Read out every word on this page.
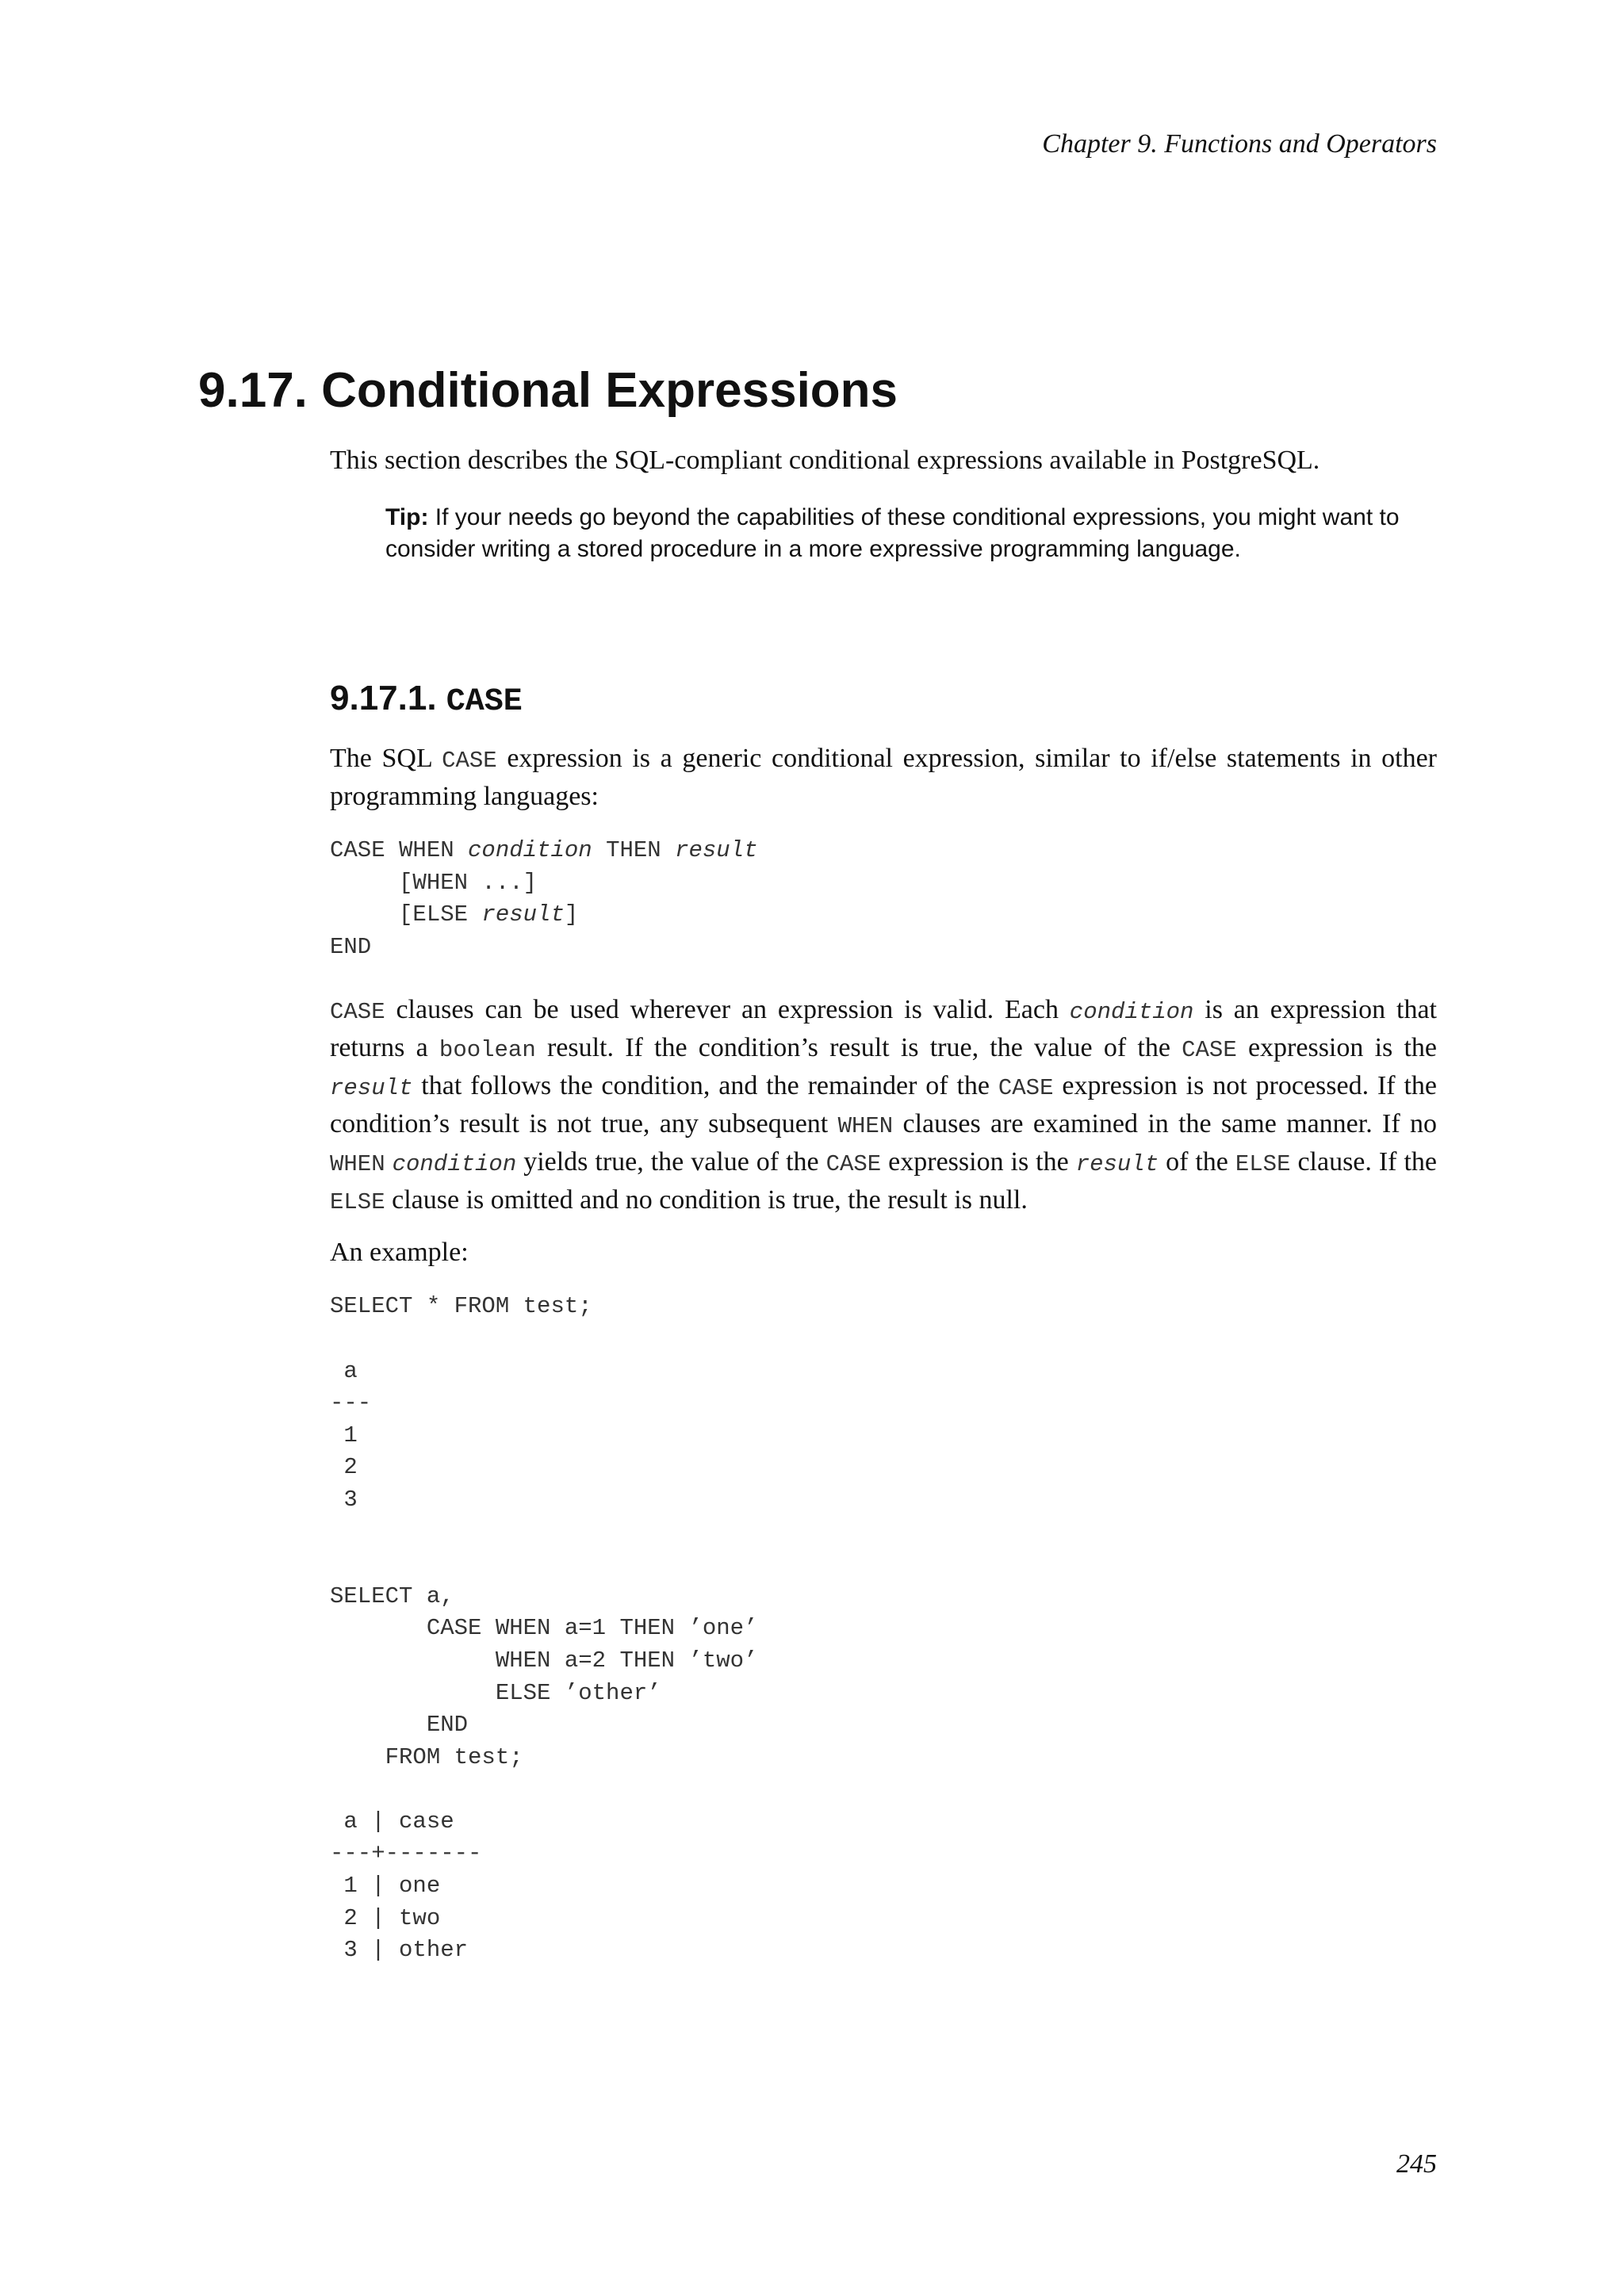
Chapter 9. Functions and Operators
9.17. Conditional Expressions

This section describes the SQL-compliant conditional expressions available in PostgreSQL.

Tip: If your needs go beyond the capabilities of these conditional expressions, you might want to consider writing a stored procedure in a more expressive programming language.

9.17.1. CASE

The SQL CASE expression is a generic conditional expression, similar to if/else statements in other programming languages:

CASE WHEN condition THEN result
[WHEN ...]
[ELSE result]
END

CASE clauses can be used wherever an expression is valid. Each condition is an expression that returns a boolean result. If the condition’s result is true, the value of the CASE expression is the result that follows the condition, and the remainder of the CASE expression is not processed. If the condition’s result is not true, any subsequent WHEN clauses are examined in the same manner. If no WHEN condition yields true, the value of the CASE expression is the result of the ELSE clause. If the ELSE clause is omitted and no condition is true, the result is null.

An example:

SELECT * FROM test;

a
---
1
2
3

SELECT a,
CASE WHEN a=1 THEN ’one’
WHEN a=2 THEN ’two’
ELSE ’other’
END
FROM test;

a | case
---+-------
1 | one
2 | two
3 | other
245
